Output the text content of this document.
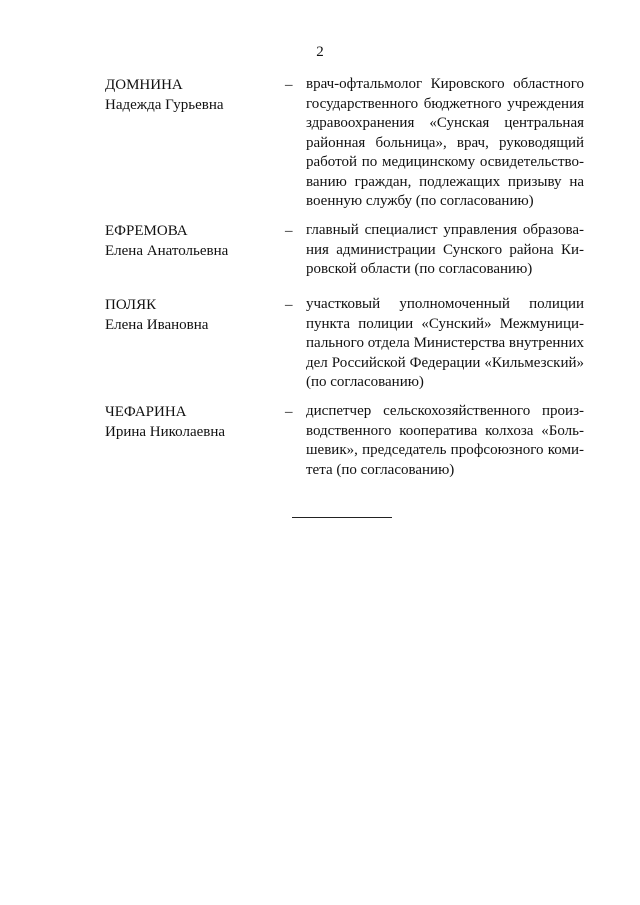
2
ДОМНИНА
Надежда Гурьевна
– врач-офтальмолог Кировского областного
государственного бюджетного учреждения
здравоохранения «Сунская центральная
районная больница», врач, руководящий
работой по медицинскому освидетельство-
ванию граждан, подлежащих призыву на
военную службу (по согласованию)
ЕФРЕМОВА
Елена Анатольевна
– главный специалист управления образова-
ния администрации Сунского района Ки-
ровской области (по согласованию)
ПОЛЯК
Елена Ивановна
– участковый уполномоченный полиции
пункта полиции «Сунский» Межмуници-
пального отдела Министерства внутренних
дел Российской Федерации «Кильмезский»
(по согласованию)
ЧЕФАРИНА
Ирина Николаевна
– диспетчер сельскохозяйственного произ-
водственного кооператива колхоза «Боль-
шевик», председатель профсоюзного коми-
тета (по согласованию)
